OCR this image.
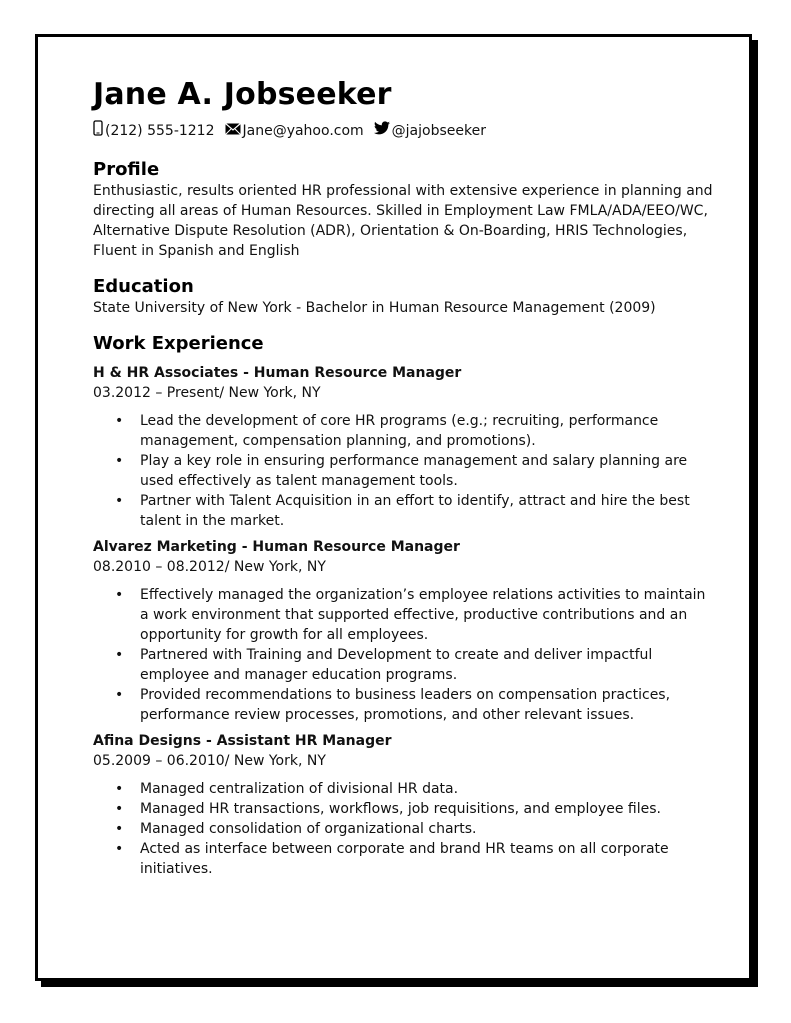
Jane A. Jobseeker
(212) 555-1212 Jane@yahoo.com @jajobseeker
Profile

Enthusiastic, results oriented HR professional with extensive experience in planning and directing all areas of Human Resources. Skilled in Employment Law FMLA/ADA/EEO/WC, Alternative Dispute Resolution (ADR), Orientation & On-Boarding, HRIS Technologies, Fluent in Spanish and English

Education

State University of New York - Bachelor in Human Resource Management (2009)

Work Experience
H & HR Associates - Human Resource Manager
03.2012 – Present/ New York, NY
• Lead the development of core HR programs (e.g.; recruiting, performance management, compensation planning, and promotions).
• Play a key role in ensuring performance management and salary planning are used effectively as talent management tools.
• Partner with Talent Acquisition in an effort to identify, attract and hire the best talent in the market.
Alvarez Marketing - Human Resource Manager
08.2010 – 08.2012/ New York, NY
• Effectively managed the organization’s employee relations activities to maintain a work environment that supported effective, productive contributions and an opportunity for growth for all employees.
• Partnered with Training and Development to create and deliver impactful employee and manager education programs.
• Provided recommendations to business leaders on compensation practices, performance review processes, promotions, and other relevant issues.
Afina Designs - Assistant HR Manager
05.2009 – 06.2010/ New York, NY
• Managed centralization of divisional HR data.
• Managed HR transactions, workflows, job requisitions, and employee files.
• Managed consolidation of organizational charts.
• Acted as interface between corporate and brand HR teams on all corporate initiatives.
